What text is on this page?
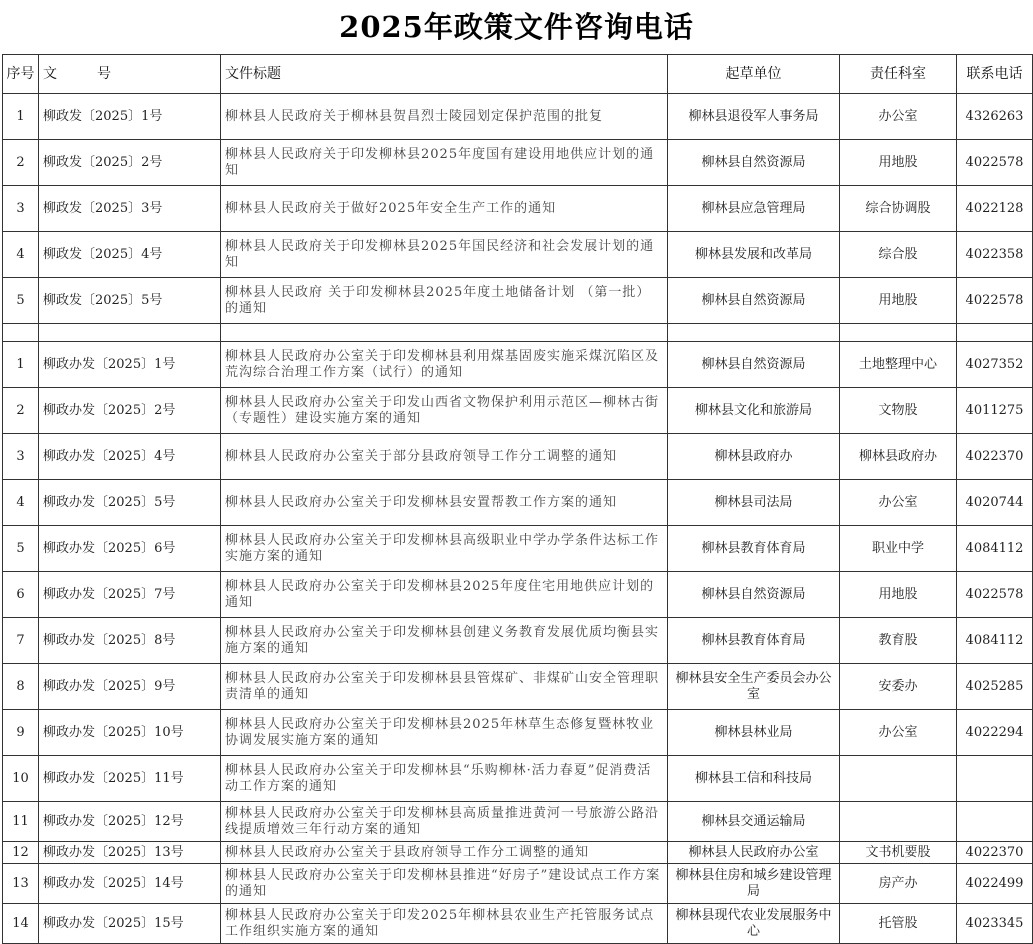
2025年政策文件咨询电话
序号	文 号	文件标题	起草单位	责任科室	联系电话
1	柳政发〔2025〕1号	柳林县人民政府关于柳林县贺昌烈士陵园划定保护范围的批复	柳林县退役军人事务局	办公室	4326263
2	柳政发〔2025〕2号	柳林县人民政府关于印发柳林县2025年度国有建设用地供应计划的通知	柳林县自然资源局	用地股	4022578
3	柳政发〔2025〕3号	柳林县人民政府关于做好2025年安全生产工作的通知	柳林县应急管理局	综合协调股	4022128
4	柳政发〔2025〕4号	柳林县人民政府关于印发柳林县2025年国民经济和社会发展计划的通知	柳林县发展和改革局	综合股	4022358
5	柳政发〔2025〕5号	柳林县人民政府 关于印发柳林县2025年度土地储备计划 （第一批）的通知	柳林县自然资源局	用地股	4022578

1	柳政办发〔2025〕1号	柳林县人民政府办公室关于印发柳林县利用煤基固废实施采煤沉陷区及荒沟综合治理工作方案（试行）的通知	柳林县自然资源局	土地整理中心	4027352
2	柳政办发〔2025〕2号	柳林县人民政府办公室关于印发山西省文物保护利用示范区—柳林古街（专题性）建设实施方案的通知	柳林县文化和旅游局	文物股	4011275
3	柳政办发〔2025〕4号	柳林县人民政府办公室关于部分县政府领导工作分工调整的通知	柳林县政府办	柳林县政府办	4022370
4	柳政办发〔2025〕5号	柳林县人民政府办公室关于印发柳林县安置帮教工作方案的通知	柳林县司法局	办公室	4020744
5	柳政办发〔2025〕6号	柳林县人民政府办公室关于印发柳林县高级职业中学办学条件达标工作实施方案的通知	柳林县教育体育局	职业中学	4084112
6	柳政办发〔2025〕7号	柳林县人民政府办公室关于印发柳林县2025年度住宅用地供应计划的通知	柳林县自然资源局	用地股	4022578
7	柳政办发〔2025〕8号	柳林县人民政府办公室关于印发柳林县创建义务教育发展优质均衡县实施方案的通知	柳林县教育体育局	教育股	4084112
8	柳政办发〔2025〕9号	柳林县人民政府办公室关于印发柳林县县管煤矿、非煤矿山安全管理职责清单的通知	柳林县安全生产委员会办公室	安委办	4025285
9	柳政办发〔2025〕10号	柳林县人民政府办公室关于印发柳林县2025年林草生态修复暨林牧业协调发展实施方案的通知	柳林县林业局	办公室	4022294
10	柳政办发〔2025〕11号	柳林县人民政府办公室关于印发柳林县“乐购柳林·活力春夏”促消费活动工作方案的通知	柳林县工信和科技局		
11	柳政办发〔2025〕12号	柳林县人民政府办公室关于印发柳林县高质量推进黄河一号旅游公路沿线提质增效三年行动方案的通知	柳林县交通运输局		
12	柳政办发〔2025〕13号	柳林县人民政府办公室关于县政府领导工作分工调整的通知	柳林县人民政府办公室	文书机要股	4022370
13	柳政办发〔2025〕14号	柳林县人民政府办公室关于印发柳林县推进“好房子”建设试点工作方案的通知	柳林县住房和城乡建设管理局	房产办	4022499
14	柳政办发〔2025〕15号	柳林县人民政府办公室关于印发2025年柳林县农业生产托管服务试点工作组织实施方案的通知	柳林县现代农业发展服务中心	托管股	4023345
